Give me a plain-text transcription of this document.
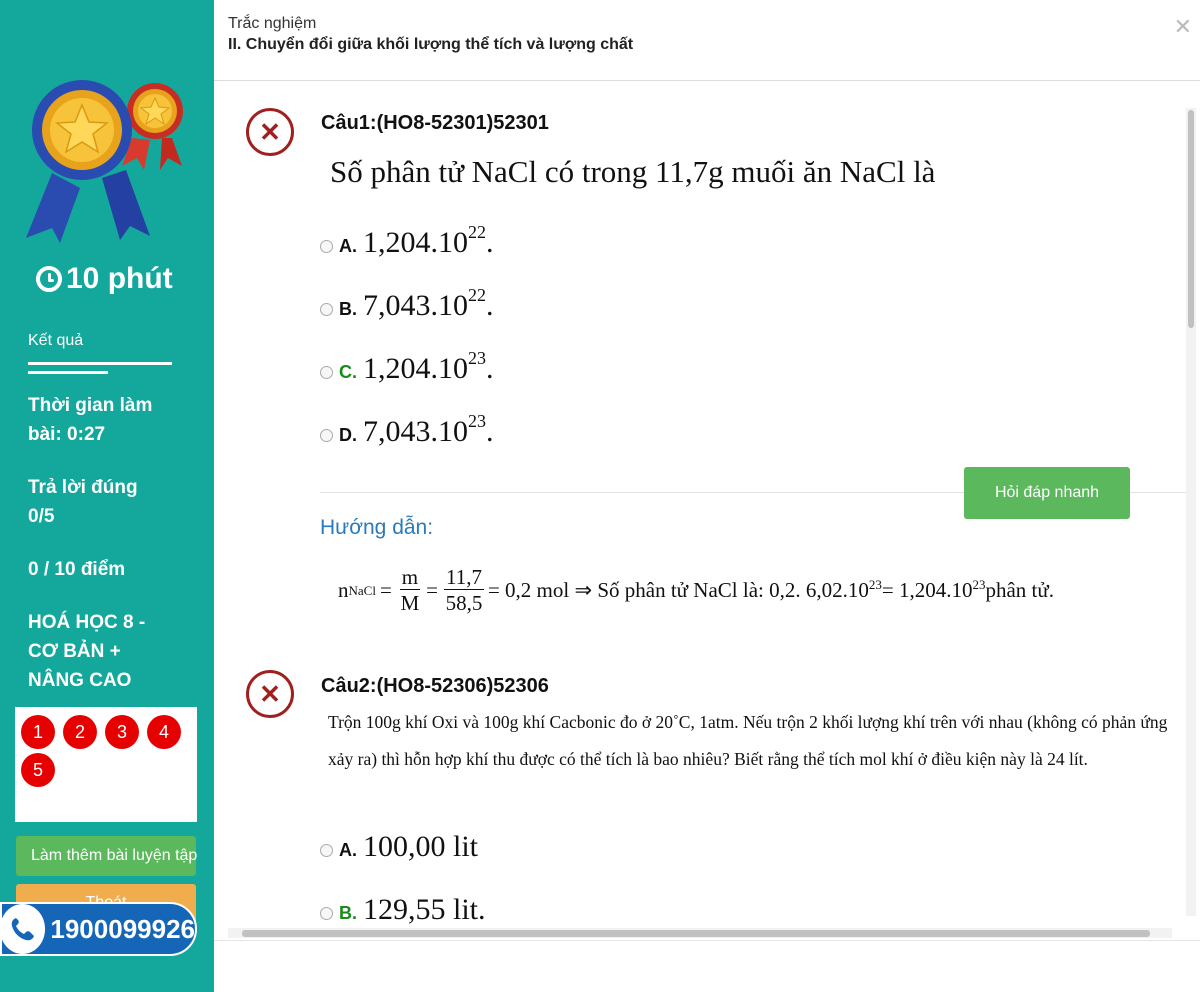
10 phút
Kết quả
Thời gian làm bài: 0:27
Trả lời đúng 0/5
0 / 10 điểm
HOÁ HỌC 8 - CƠ BẢN + NÂNG CAO
1	2	3	4
5
Làm thêm bài luyện tập
1900099926
Trắc nghiệm
II. Chuyển đổi giữa khối lượng thể tích và lượng chất
✕
✕	Câu1:(HO8-52301)52301
Số phân tử NaCl có trong 11,7g muối ăn NaCl là
A. 1,204.10$^{22}$.
B. 7,043.10$^{22}$.
C. 1,204.10$^{23}$.
D. 7,043.10$^{23}$.
Hỏi đáp nhanh
Hướng dẫn:
n NaCl = $\frac{m}{M} = \frac{11,7}{58,5} = 0,2$ mol ⇒ Số phân tử NaCl là: 0,2. $6,02.10^{23} = 1,204.10^{23}$ phân tử.
✕	Câu2:(HO8-52306)52306
Trộn 100g khí Oxi và 100g khí Cacbonic đo ở 20˚C, 1atm. Nếu trộn 2 khối lượng khí trên với nhau (không có phản ứng xảy ra) thì hỗn hợp khí thu được có thể tích là bao nhiêu? Biết rằng thể tích mol khí ở điều kiện này là 24 lít.
A. 100,00 lit
B. 129,55 lit.
